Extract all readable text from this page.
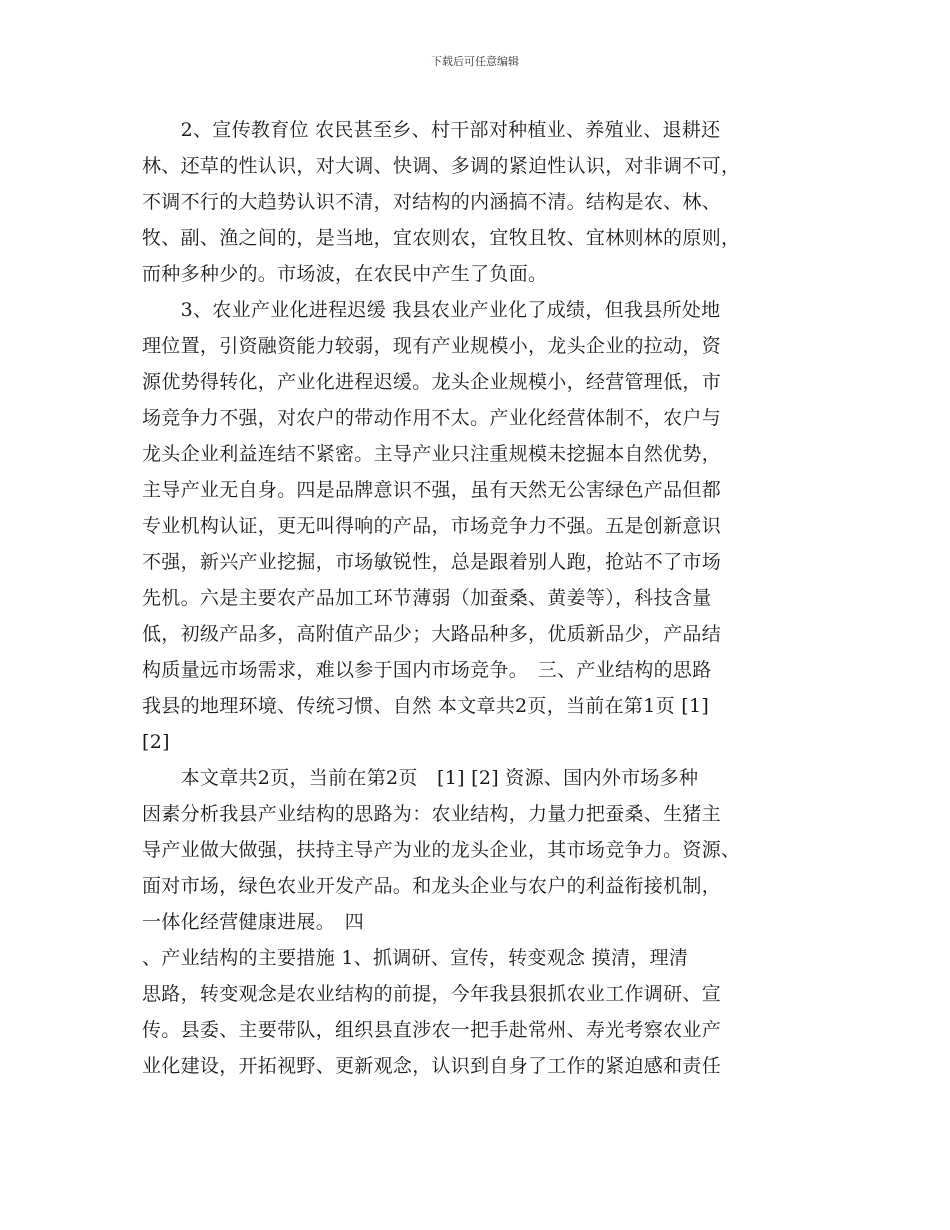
下载后可任意编辑
　　2、宣传教育位 农民甚至乡、村干部对种植业、养殖业、退耕还
林、还草的性认识，对大调、快调、多调的紧迫性认识，对非调不可，
不调不行的大趋势认识不清，对结构的内涵搞不清。结构是农、林、
牧、副、渔之间的，是当地，宜农则农，宜牧且牧、宜林则林的原则，
而种多种少的。市场波，在农民中产生了负面。
　　3、农业产业化进程迟缓 我县农业产业化了成绩，但我县所处地
理位置，引资融资能力较弱，现有产业规模小，龙头企业的拉动，资
源优势得转化，产业化进程迟缓。龙头企业规模小，经营管理低，市
场竞争力不强，对农户的带动作用不太。产业化经营体制不，农户与
龙头企业利益连结不紧密。主导产业只注重规模未挖掘本自然优势，
主导产业无自身。四是品牌意识不强，虽有天然无公害绿色产品但都
专业机构认证，更无叫得响的产品，市场竞争力不强。五是创新意识
不强，新兴产业挖掘，市场敏锐性，总是跟着别人跑，抢站不了市场
先机。六是主要农产品加工环节薄弱（加蚕桑、黄姜等），科技含量
低，初级产品多，高附值产品少；大路品种多，优质新品少，产品结
构质量远市场需求，难以参于国内市场竞争。　三、产业结构的思路
我县的地理环境、传统习惯、自然 本文章共2页，当前在第1页 [1]
[2]
　　本文章共2页，当前在第2页　[1] [2] 资源、国内外市场多种
因素分析我县产业结构的思路为：农业结构，力量力把蚕桑、生猪主
导产业做大做强，扶持主导产为业的龙头企业，其市场竞争力。资源、
面对市场，绿色农业开发产品。和龙头企业与农户的利益衔接机制，
一体化经营健康进展。　四
、产业结构的主要措施 1、抓调研、宣传，转变观念 摸清，理清
思路，转变观念是农业结构的前提，今年我县狠抓农业工作调研、宣
传。县委、主要带队，组织县直涉农一把手赴常州、寿光考察农业产
业化建设，开拓视野、更新观念，认识到自身了工作的紧迫感和责任
